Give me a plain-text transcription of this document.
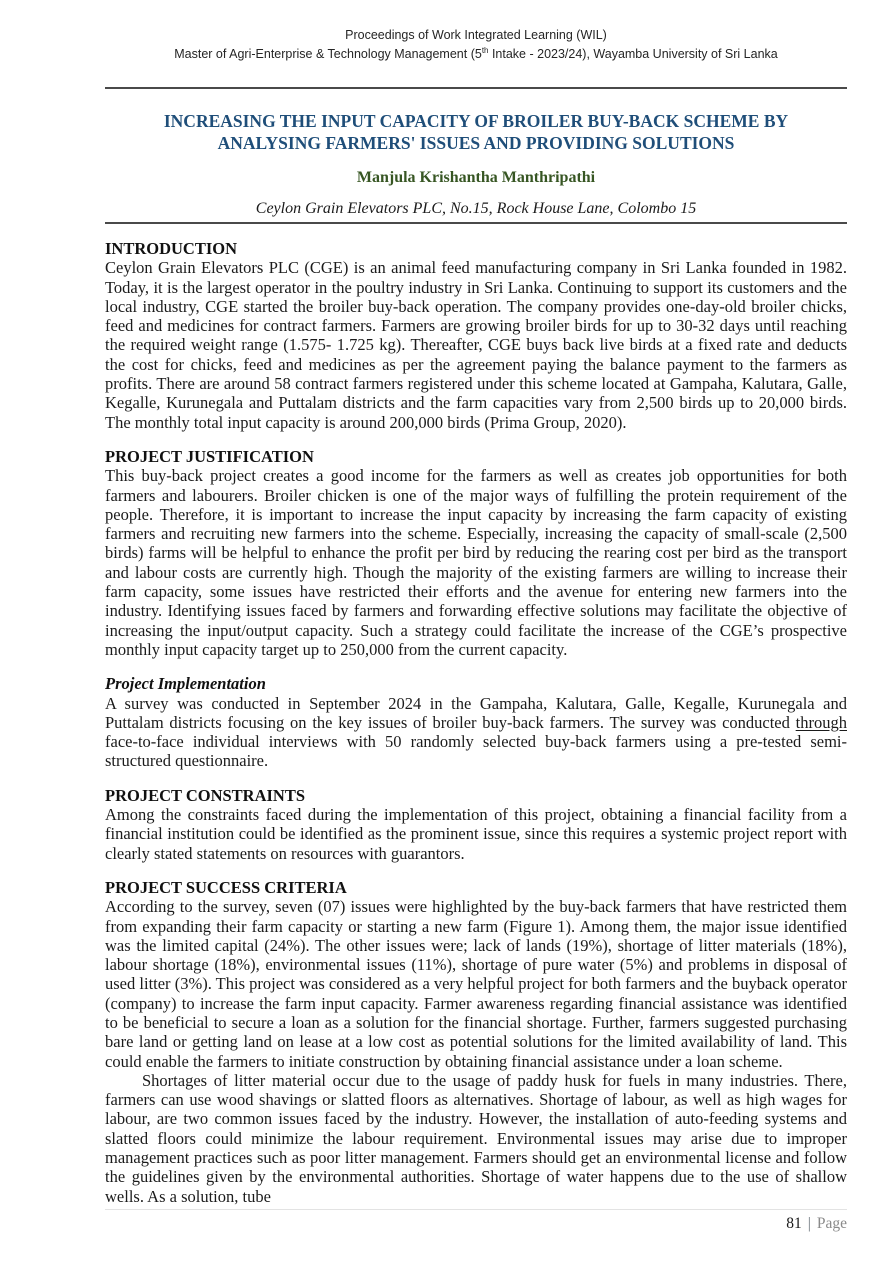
Proceedings of Work Integrated Learning (WIL)
Master of Agri-Enterprise & Technology Management (5th Intake - 2023/24), Wayamba University of Sri Lanka
INCREASING THE INPUT CAPACITY OF BROILER BUY-BACK SCHEME BY
ANALYSING FARMERS' ISSUES AND PROVIDING SOLUTIONS
Manjula Krishantha Manthripathi
Ceylon Grain Elevators PLC, No.15, Rock House Lane, Colombo 15
INTRODUCTION

Ceylon Grain Elevators PLC (CGE) is an animal feed manufacturing company in Sri Lanka founded in 1982. Today, it is the largest operator in the poultry industry in Sri Lanka. Continuing to support its customers and the local industry, CGE started the broiler buy-back operation. The company provides one-day-old broiler chicks, feed and medicines for contract farmers. Farmers are growing broiler birds for up to 30-32 days until reaching the required weight range (1.575- 1.725 kg). Thereafter, CGE buys back live birds at a fixed rate and deducts the cost for chicks, feed and medicines as per the agreement paying the balance payment to the farmers as profits. There are around 58 contract farmers registered under this scheme located at Gampaha, Kalutara, Galle, Kegalle, Kurunegala and Puttalam districts and the farm capacities vary from 2,500 birds up to 20,000 birds. The monthly total input capacity is around 200,000 birds (Prima Group, 2020).

PROJECT JUSTIFICATION

This buy-back project creates a good income for the farmers as well as creates job opportunities for both farmers and labourers. Broiler chicken is one of the major ways of fulfilling the protein requirement of the people. Therefore, it is important to increase the input capacity by increasing the farm capacity of existing farmers and recruiting new farmers into the scheme. Especially, increasing the capacity of small-scale (2,500 birds) farms will be helpful to enhance the profit per bird by reducing the rearing cost per bird as the transport and labour costs are currently high. Though the majority of the existing farmers are willing to increase their farm capacity, some issues have restricted their efforts and the avenue for entering new farmers into the industry. Identifying issues faced by farmers and forwarding effective solutions may facilitate the objective of increasing the input/output capacity. Such a strategy could facilitate the increase of the CGE’s prospective monthly input capacity target up to 250,000 from the current capacity.

Project Implementation

A survey was conducted in September 2024 in the Gampaha, Kalutara, Galle, Kegalle, Kurunegala and Puttalam districts focusing on the key issues of broiler buy-back farmers. The survey was conducted through face-to-face individual interviews with 50 randomly selected buy-back farmers using a pre-tested semi-structured questionnaire.

PROJECT CONSTRAINTS

Among the constraints faced during the implementation of this project, obtaining a financial facility from a financial institution could be identified as the prominent issue, since this requires a systemic project report with clearly stated statements on resources with guarantors.

PROJECT SUCCESS CRITERIA

According to the survey, seven (07) issues were highlighted by the buy-back farmers that have restricted them from expanding their farm capacity or starting a new farm (Figure 1). Among them, the major issue identified was the limited capital (24%). The other issues were; lack of lands (19%), shortage of litter materials (18%), labour shortage (18%), environmental issues (11%), shortage of pure water (5%) and problems in disposal of used litter (3%). This project was considered as a very helpful project for both farmers and the buyback operator (company) to increase the farm input capacity. Farmer awareness regarding financial assistance was identified to be beneficial to secure a loan as a solution for the financial shortage. Further, farmers suggested purchasing bare land or getting land on lease at a low cost as potential solutions for the limited availability of land. This could enable the farmers to initiate construction by obtaining financial assistance under a loan scheme.

Shortages of litter material occur due to the usage of paddy husk for fuels in many industries. There, farmers can use wood shavings or slatted floors as alternatives. Shortage of labour, as well as high wages for labour, are two common issues faced by the industry. However, the installation of auto-feeding systems and slatted floors could minimize the labour requirement. Environmental issues may arise due to improper management practices such as poor litter management. Farmers should get an environmental license and follow the guidelines given by the environmental authorities. Shortage of water happens due to the use of shallow wells. As a solution, tube

81 | Page
